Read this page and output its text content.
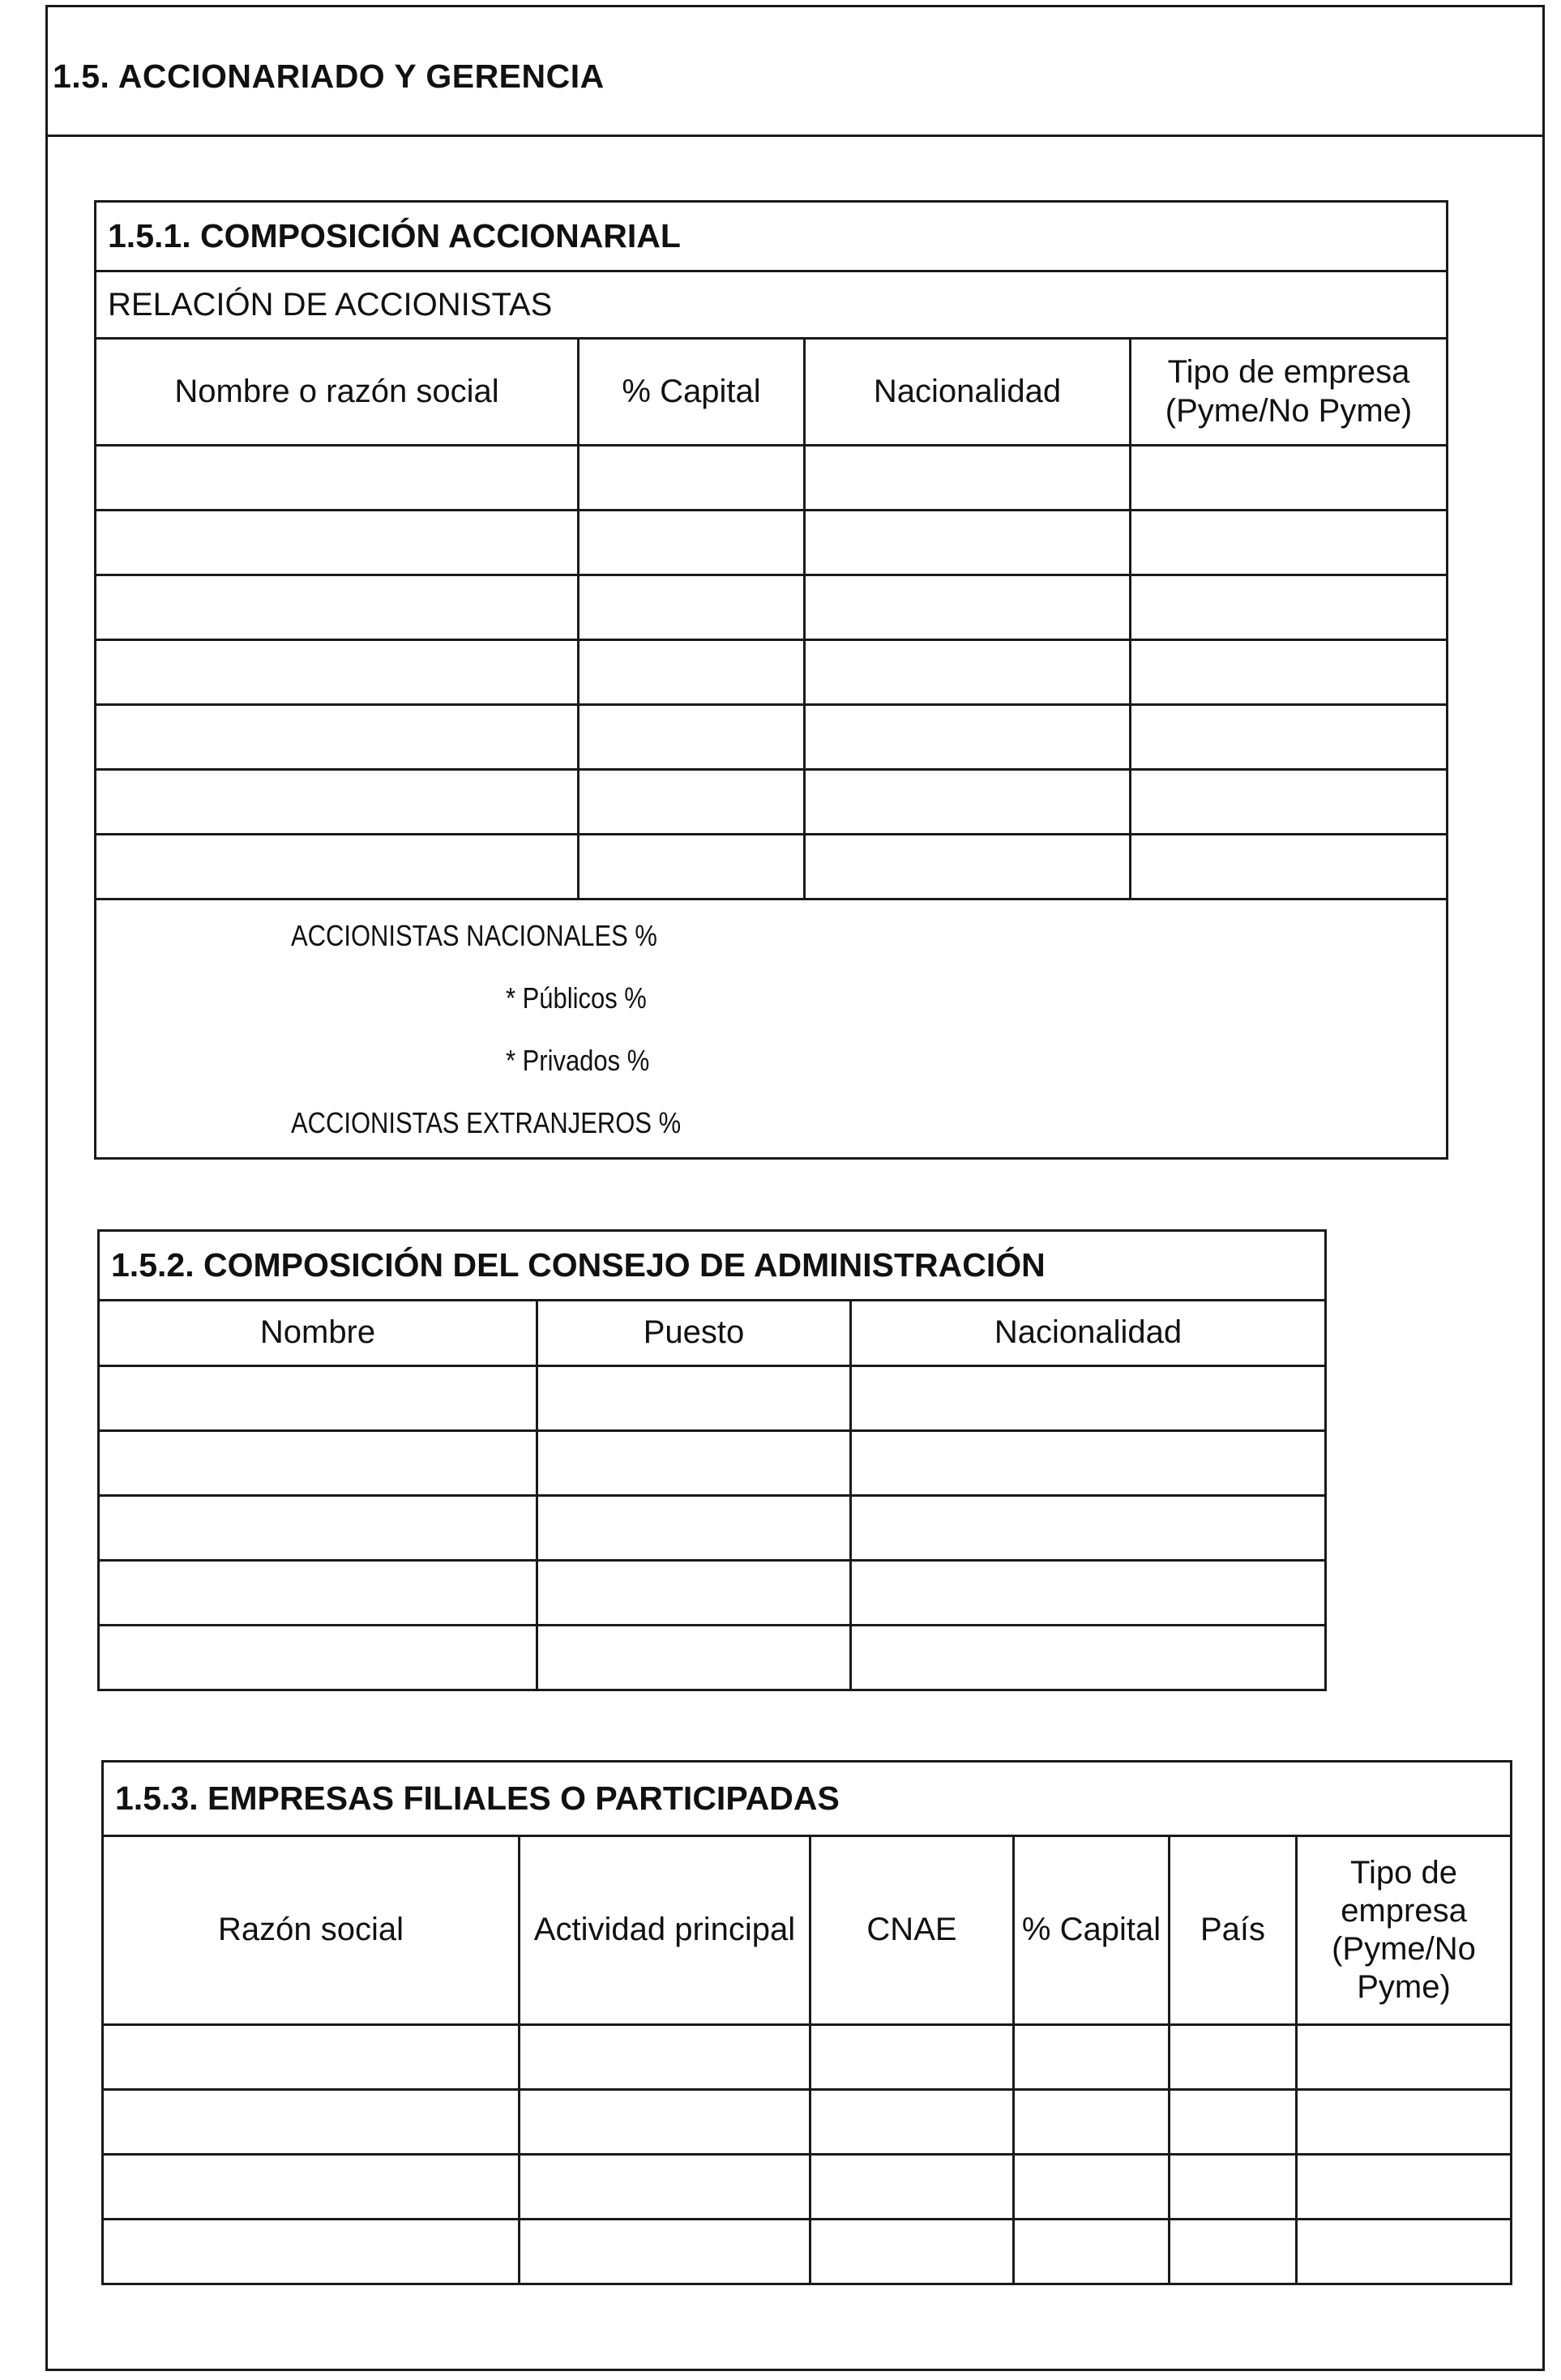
1.5. ACCIONARIADO Y GERENCIA
1.5.1. COMPOSICIÓN ACCIONARIAL			
RELACIÓN DE ACCIONISTAS			
Nombre o razón social	% Capital	Nacionalidad	Tipo de empresa (Pyme/No Pyme)

ACCIONISTAS NACIONALES %
* Públicos %
* Privados %
ACCIONISTAS EXTRANJEROS %			
1.5.2. COMPOSICIÓN DEL CONSEJO DE ADMINISTRACIÓN		
Nombre	Puesto	Nacionalidad

1.5.3. EMPRESAS FILIALES O PARTICIPADAS					
Razón social	Actividad principal	CNAE	% Capital	País	Tipo de empresa (Pyme/No Pyme)
